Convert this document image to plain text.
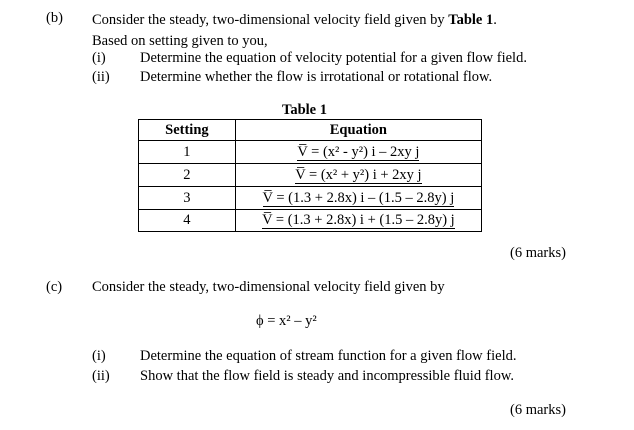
(b) Consider the steady, two-dimensional velocity field given by Table 1.
Based on setting given to you,
(i) Determine the equation of velocity potential for a given flow field.
(ii) Determine whether the flow is irrotational or rotational flow.
Table 1
Setting	Equation
1	V̅ = (x² - y²) i – 2xy j
2	V̅ = (x² + y²) i + 2xy j
3	V̅ = (1.3 + 2.8x) i – (1.5 – 2.8y) j
4	V̅ = (1.3 + 2.8x) i + (1.5 – 2.8y) j
(6 marks)
(c) Consider the steady, two-dimensional velocity field given by
ϕ = x² – y²
(i) Determine the equation of stream function for a given flow field.
(ii) Show that the flow field is steady and incompressible fluid flow.
(6 marks)
